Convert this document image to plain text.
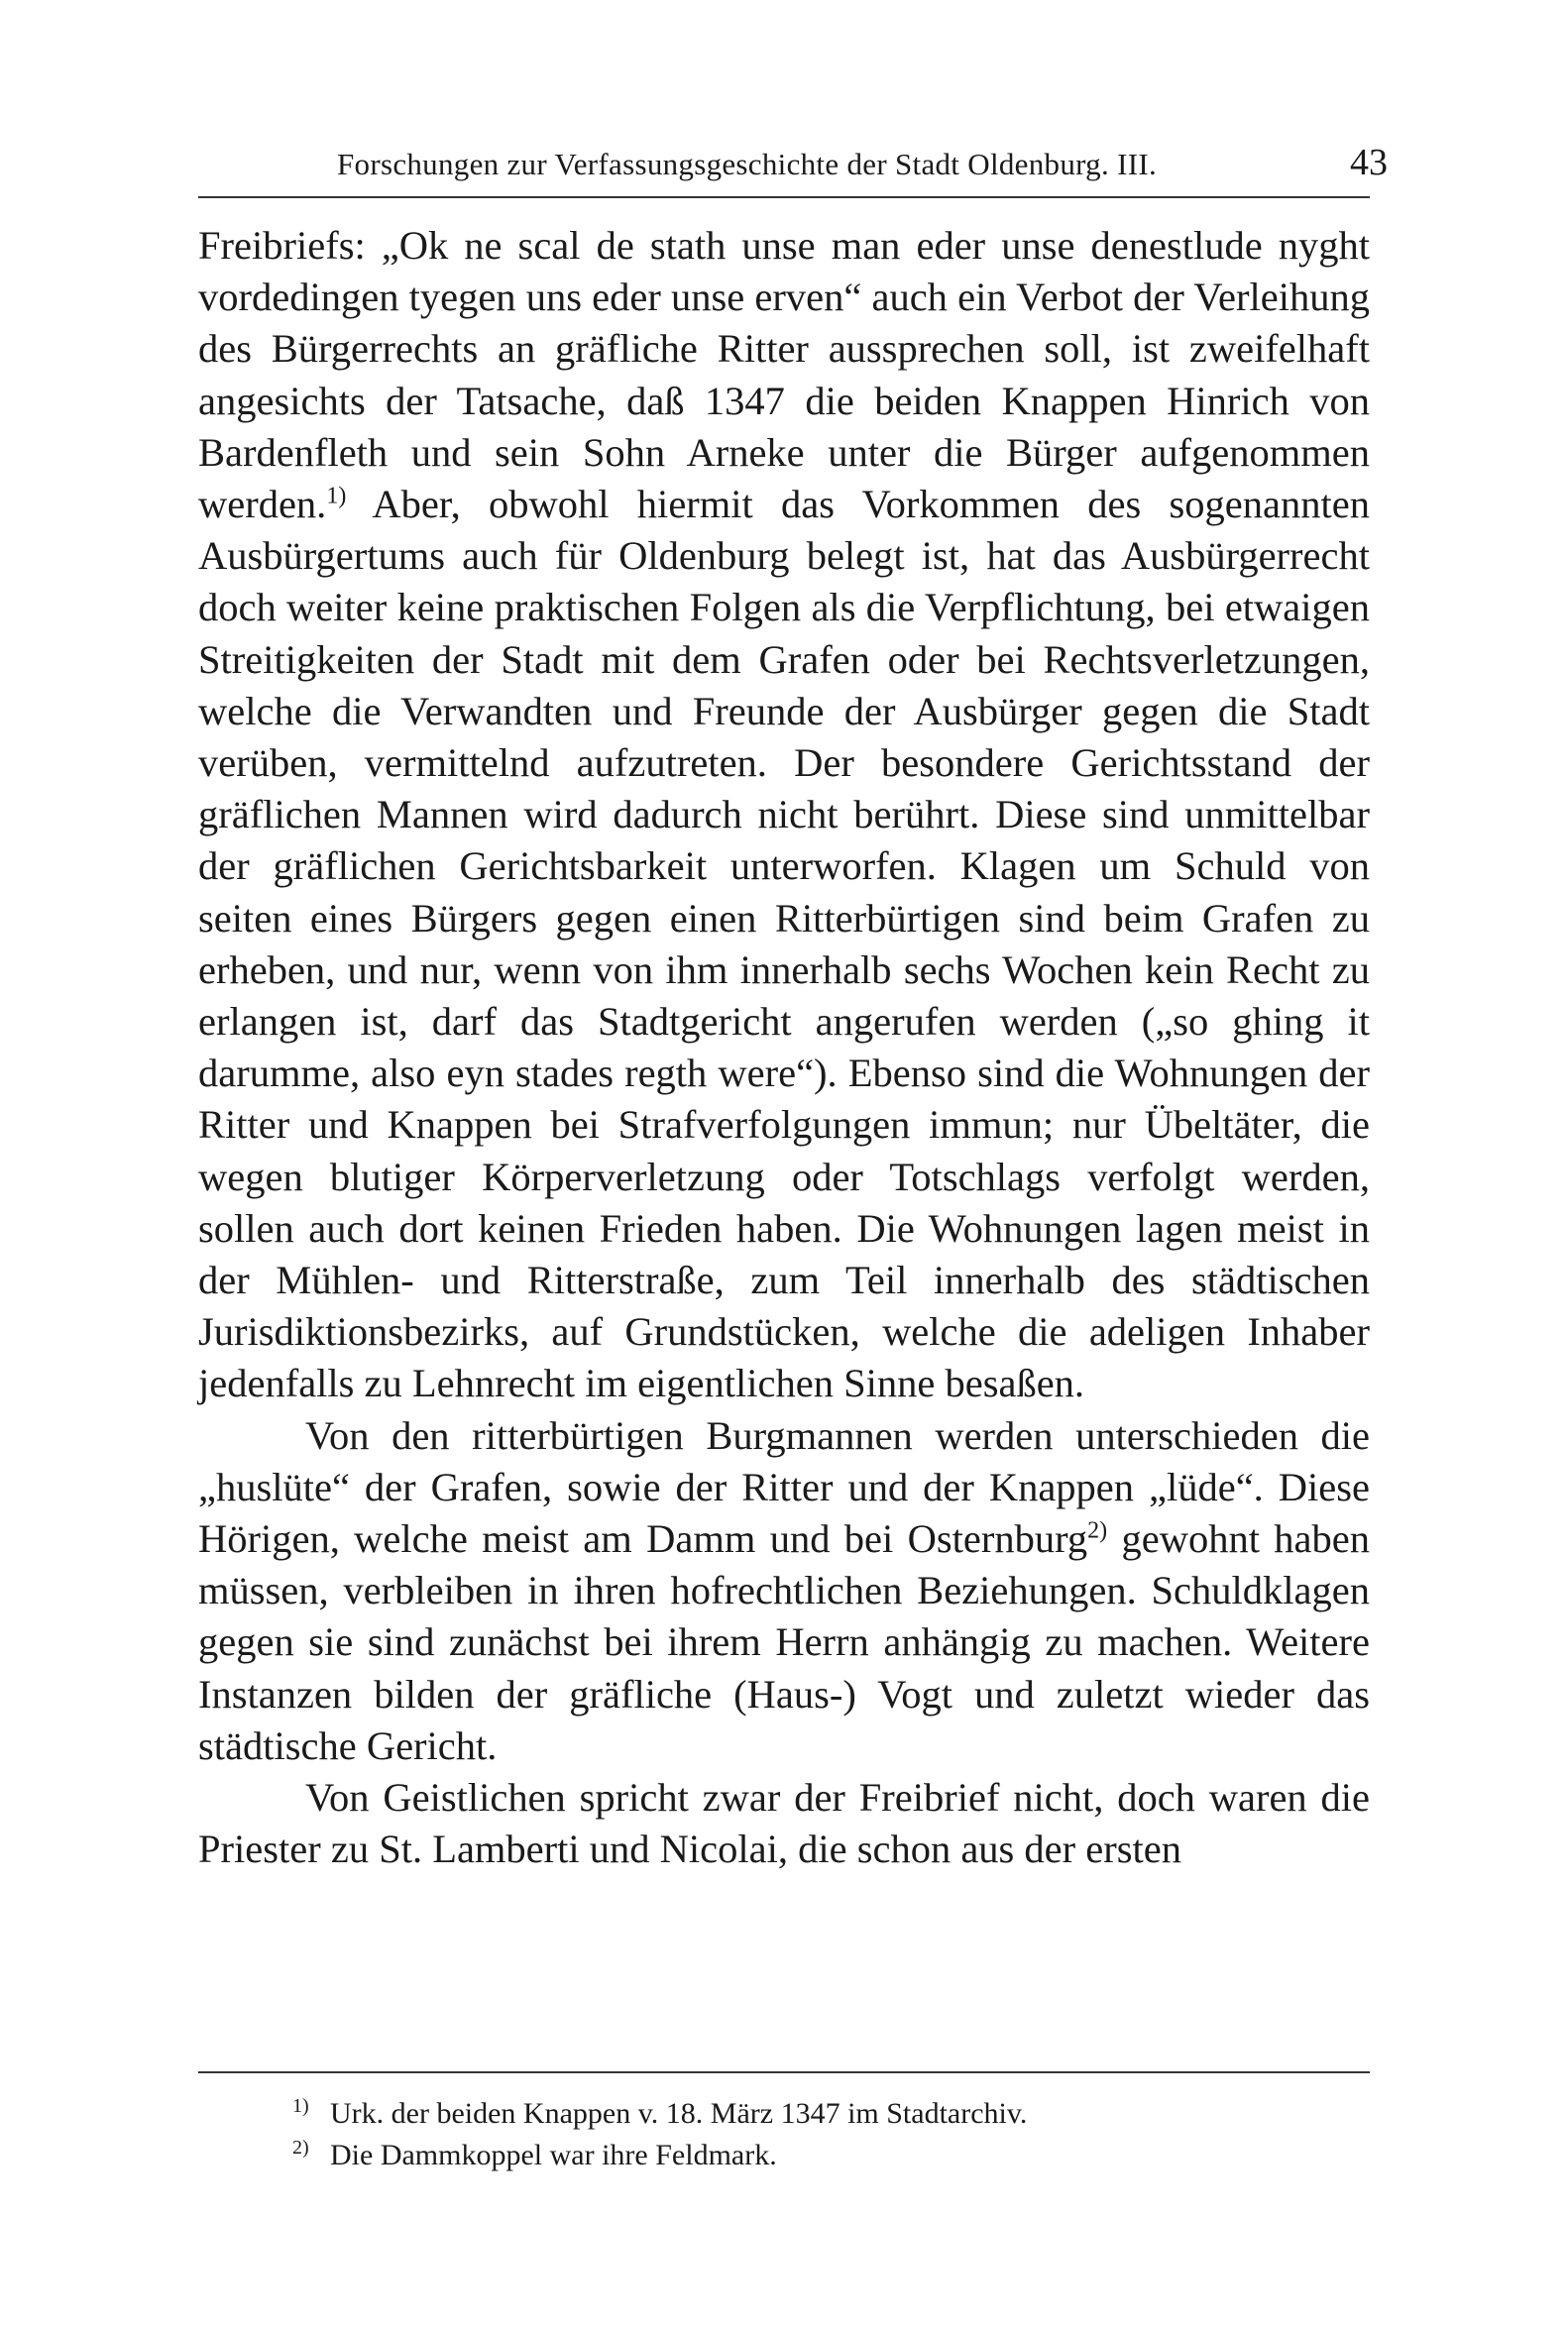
Forschungen zur Verfassungsgeschichte der Stadt Oldenburg. III.	43

Freibriefs: „Ok ne scal de stath unse man eder unse denestlude nyght vordedingen tyegen uns eder unse erven“ auch ein Verbot der Verleihung des Bürgerrechts an gräfliche Ritter aussprechen soll, ist zweifelhaft angesichts der Tatsache, daß 1347 die beiden Knappen Hinrich von Bardenfleth und sein Sohn Arneke unter die Bürger aufgenommen werden.$^{1)}$ Aber, obwohl hiermit das Vorkommen des sogenannten Ausbürgertums auch für Oldenburg belegt ist, hat das Ausbürgerrecht doch weiter keine praktischen Folgen als die Verpflichtung, bei etwaigen Streitigkeiten der Stadt mit dem Grafen oder bei Rechtsverletzungen, welche die Verwandten und Freunde der Ausbürger gegen die Stadt verüben, vermittelnd aufzutreten. Der besondere Gerichtsstand der gräflichen Mannen wird dadurch nicht berührt. Diese sind unmittelbar der gräflichen Gerichtsbarkeit unterworfen. Klagen um Schuld von seiten eines Bürgers gegen einen Ritterbürtigen sind beim Grafen zu erheben, und nur, wenn von ihm innerhalb sechs Wochen kein Recht zu erlangen ist, darf das Stadtgericht angerufen werden („so ghing it darumme, also eyn stades regth were“). Ebenso sind die Wohnungen der Ritter und Knappen bei Strafverfolgungen immun; nur Übeltäter, die wegen blutiger Körperverletzung oder Totschlags verfolgt werden, sollen auch dort keinen Frieden haben. Die Wohnungen lagen meist in der Mühlen- und Ritterstraße, zum Teil innerhalb des städtischen Jurisdiktionsbezirks, auf Grundstücken, welche die adeligen Inhaber jedenfalls zu Lehnrecht im eigentlichen Sinne besaßen.

Von den ritterbürtigen Burgmannen werden unterschieden die „huslüte“ der Grafen, sowie der Ritter und der Knappen „lüde“. Diese Hörigen, welche meist am Damm und bei Osternburg$^{2)}$ gewohnt haben müssen, verbleiben in ihren hofrechtlichen Beziehungen. Schuldklagen gegen sie sind zunächst bei ihrem Herrn anhängig zu machen. Weitere Instanzen bilden der gräfliche (Haus-) Vogt und zuletzt wieder das städtische Gericht.

Von Geistlichen spricht zwar der Freibrief nicht, doch waren die Priester zu St. Lamberti und Nicolai, die schon aus der ersten

1) Urk. der beiden Knappen v. 18. März 1347 im Stadtarchiv.
2) Die Dammkoppel war ihre Feldmark.
